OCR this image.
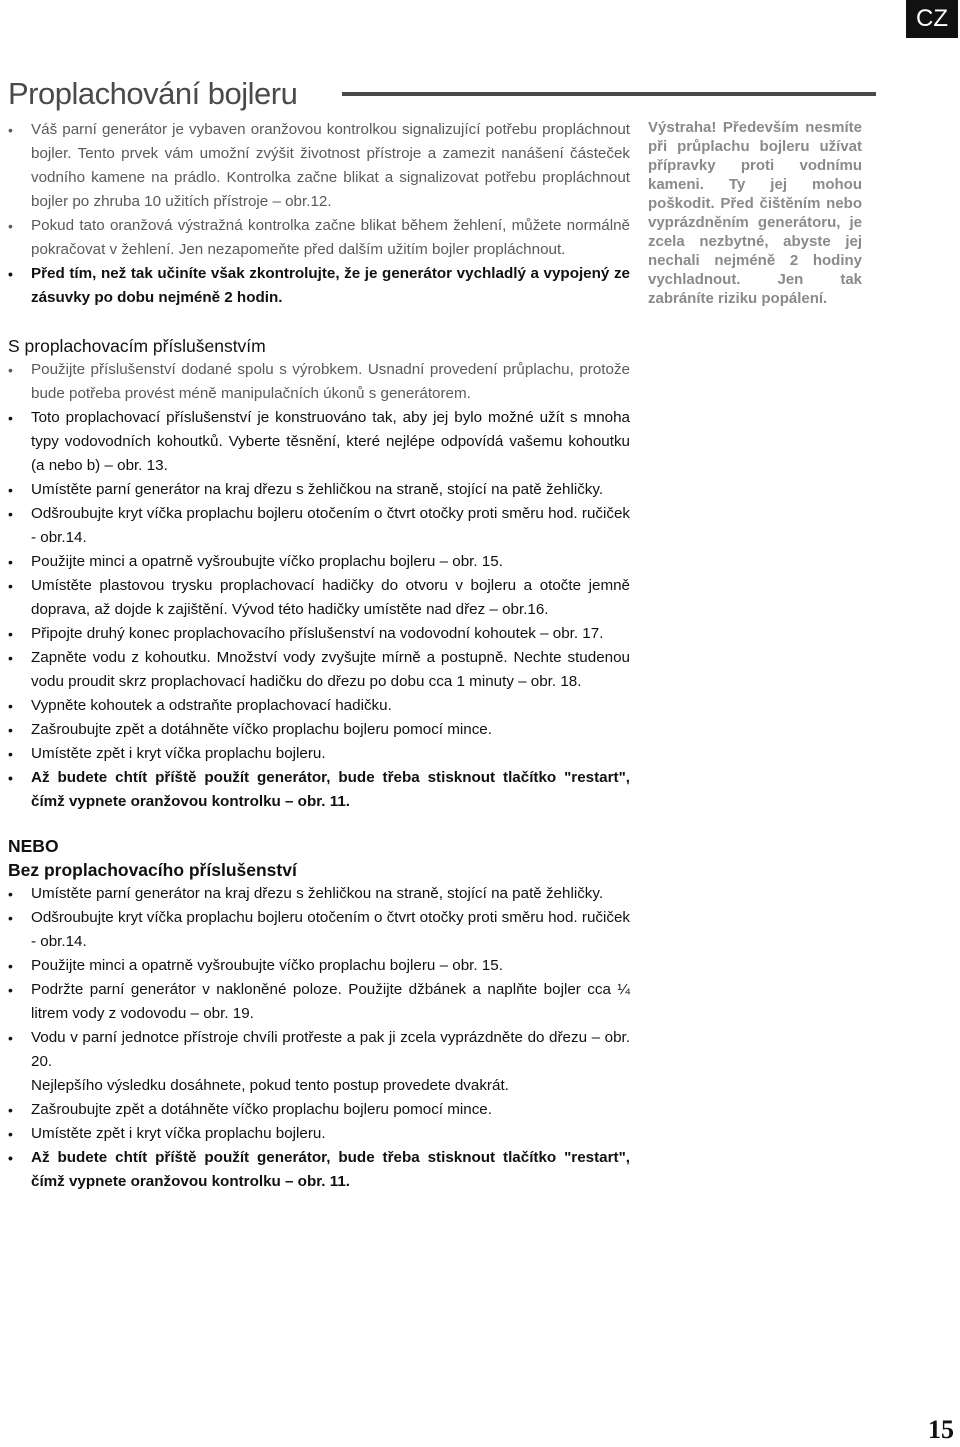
CZ
Proplachování bojleru
• Váš parní generátor je vybaven oranžovou kontrolkou signalizující potřebu propláchnout bojler. Tento prvek vám umožní zvýšit životnost přístroje a zamezit nanášení částeček vodního kamene na prádlo. Kontrolka začne blikat a signalizovat potřebu propláchnout bojler po zhruba 10 užitích přístroje – obr.12.
• Pokud tato oranžová výstražná kontrolka začne blikat během žehlení, můžete normálně pokračovat v žehlení. Jen nezapomeňte před dalším užitím bojler propláchnout.
• Před tím, než tak učiníte však zkontrolujte, že je generátor vychladlý a vypojený ze zásuvky po dobu nejméně 2 hodin.
S proplachovacím příslušenstvím
• Použijte příslušenství dodané spolu s výrobkem. Usnadní provedení průplachu, protože bude potřeba provést méně manipulačních úkonů s generátorem.
• Toto proplachovací příslušenství je konstruováno tak, aby jej bylo možné užít s mnoha typy vodovodních kohoutků. Vyberte těsnění, které nejlépe odpovídá vašemu kohoutku (a nebo b) – obr. 13.
• Umístěte parní generátor na kraj dřezu s žehličkou na straně, stojící na patě žehličky.
• Odšroubujte kryt víčka proplachu bojleru otočením o čtvrt otočky proti směru hod. ručiček - obr.14.
• Použijte minci a opatrně vyšroubujte víčko proplachu bojleru – obr. 15.
• Umístěte plastovou trysku proplachovací hadičky do otvoru v bojleru a otočte jemně doprava, až dojde k zajištění. Vývod této hadičky umístěte nad dřez – obr.16.
• Připojte druhý konec proplachovacího příslušenství na vodovodní kohoutek – obr. 17.
• Zapněte vodu z kohoutku. Množství vody zvyšujte mírně a postupně. Nechte studenou vodu proudit skrz proplachovací hadičku do dřezu po dobu cca 1 minuty – obr. 18.
• Vypněte kohoutek a odstraňte proplachovací hadičku.
• Zašroubujte zpět a dotáhněte víčko proplachu bojleru pomocí mince.
• Umístěte zpět i kryt víčka proplachu bojleru.
• Až budete chtít příště použít generátor, bude třeba stisknout tlačítko "restart", čímž vypnete oranžovou kontrolku – obr. 11.
NEBO
Bez proplachovacího příslušenství
• Umístěte parní generátor na kraj dřezu s žehličkou na straně, stojící na patě žehličky.
• Odšroubujte kryt víčka proplachu bojleru otočením o čtvrt otočky proti směru hod. ručiček - obr.14.
• Použijte minci a opatrně vyšroubujte víčko proplachu bojleru – obr. 15.
• Podržte parní generátor v nakloněné poloze. Použijte džbánek a naplňte bojler cca ¼ litrem vody z vodovodu – obr. 19.
• Vodu v parní jednotce přístroje chvíli protřeste a pak ji zcela vyprázdněte do dřezu – obr. 20.
Nejlepšího výsledku dosáhnete, pokud tento postup provedete dvakrát.
• Zašroubujte zpět a dotáhněte víčko proplachu bojleru pomocí mince.
• Umístěte zpět i kryt víčka proplachu bojleru.
• Až budete chtít příště použít generátor, bude třeba stisknout tlačítko "restart", čímž vypnete oranžovou kontrolku – obr. 11.
Výstraha! Především nesmíte při průplachu bojleru užívat přípravky proti vodnímu kameni. Ty jej mohou poškodit. Před čištěním nebo vyprázdněním generátoru, je zcela nezbytné, abyste jej nechali nejméně 2 hodiny vychladnout. Jen tak zabráníte riziku popálení.
15
